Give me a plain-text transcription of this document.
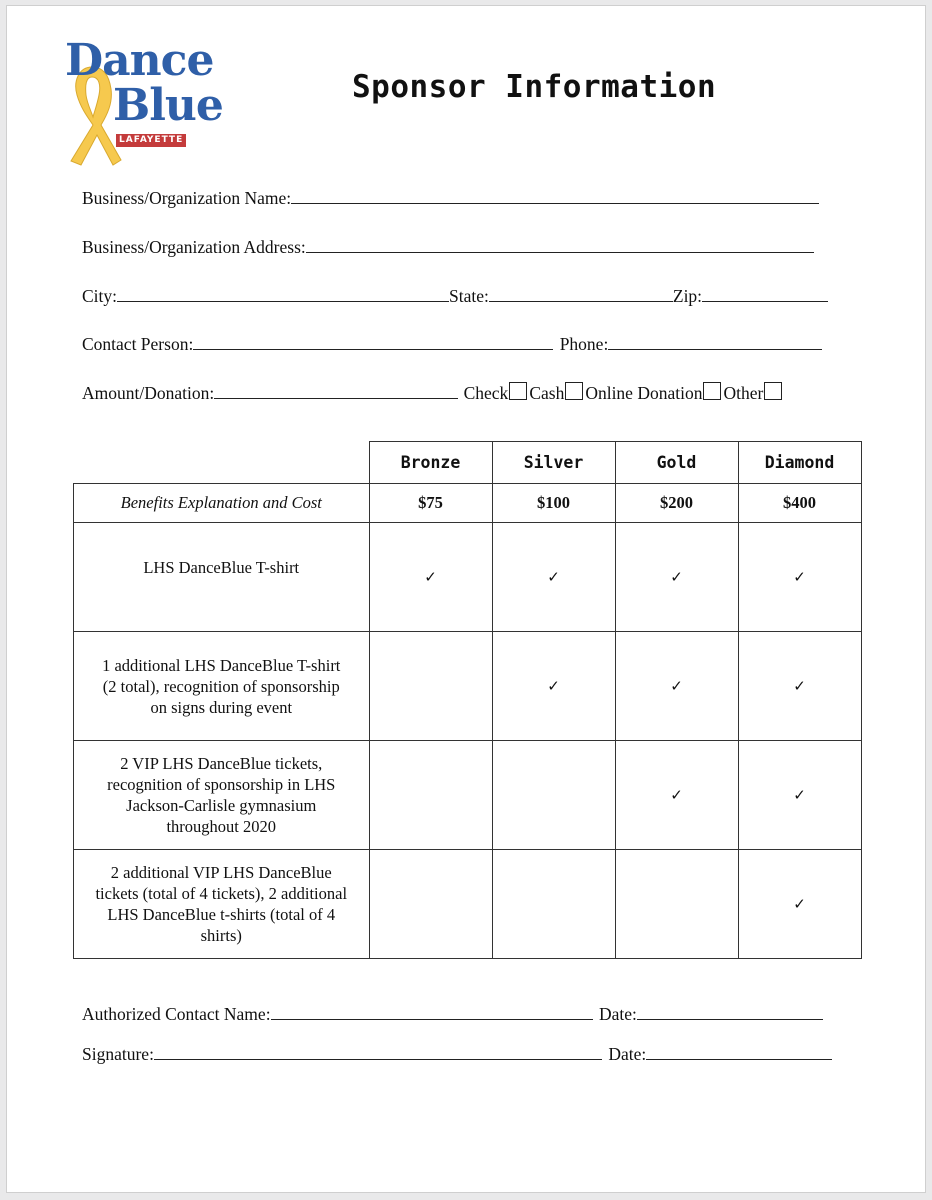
Dance
Blue
LAFAYETTE
Sponsor Information
Business/Organization Name:
Business/Organization Address:
City:	State:	Zip:
Contact Person:	Phone:
Amount/Donation:	Check Cash Online Donation Other
	Bronze	Silver	Gold	Diamond
Benefits Explanation and Cost	$75	$100	$200	$400
LHS DanceBlue T-shirt	✓	✓	✓	✓
1 additional LHS DanceBlue T-shirt (2 total), recognition of sponsorship on signs during event		✓	✓	✓
2 VIP LHS DanceBlue tickets, recognition of sponsorship in LHS Jackson-Carlisle gymnasium throughout 2020			✓	✓
2 additional VIP LHS DanceBlue tickets (total of 4 tickets), 2 additional LHS DanceBlue t-shirts (total of 4 shirts)				✓
Authorized Contact Name:	Date:
Signature:	Date:
